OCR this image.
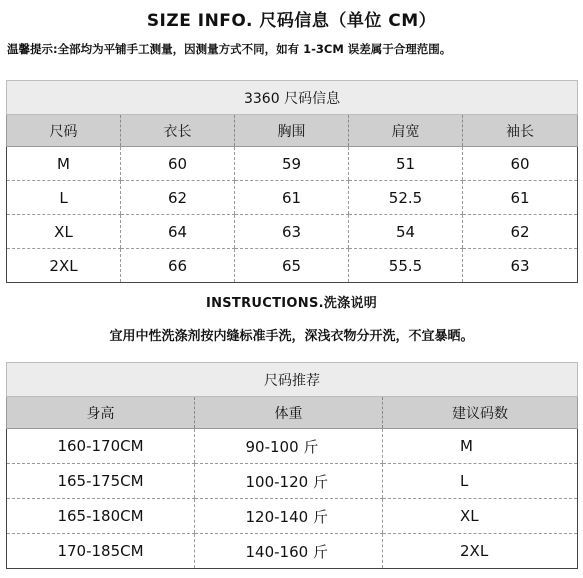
SIZE INFO. 尺码信息（单位 CM）
温馨提示:全部均为平铺手工测量，因测量方式不同，如有 1-3CM 误差属于合理范围。
3360 尺码信息				
尺码	衣长	胸围	肩宽	袖长
M	60	59	51	60
L	62	61	52.5	61
XL	64	63	54	62
2XL	66	65	55.5	63
INSTRUCTIONS.洗涤说明
宜用中性洗涤剂按内缝标准手洗，深浅衣物分开洗，不宜暴晒。
尺码推荐		
身高	体重	建议码数
160-170CM	90-100 斤	M
165-175CM	100-120 斤	L
165-180CM	120-140 斤	XL
170-185CM	140-160 斤	2XL
